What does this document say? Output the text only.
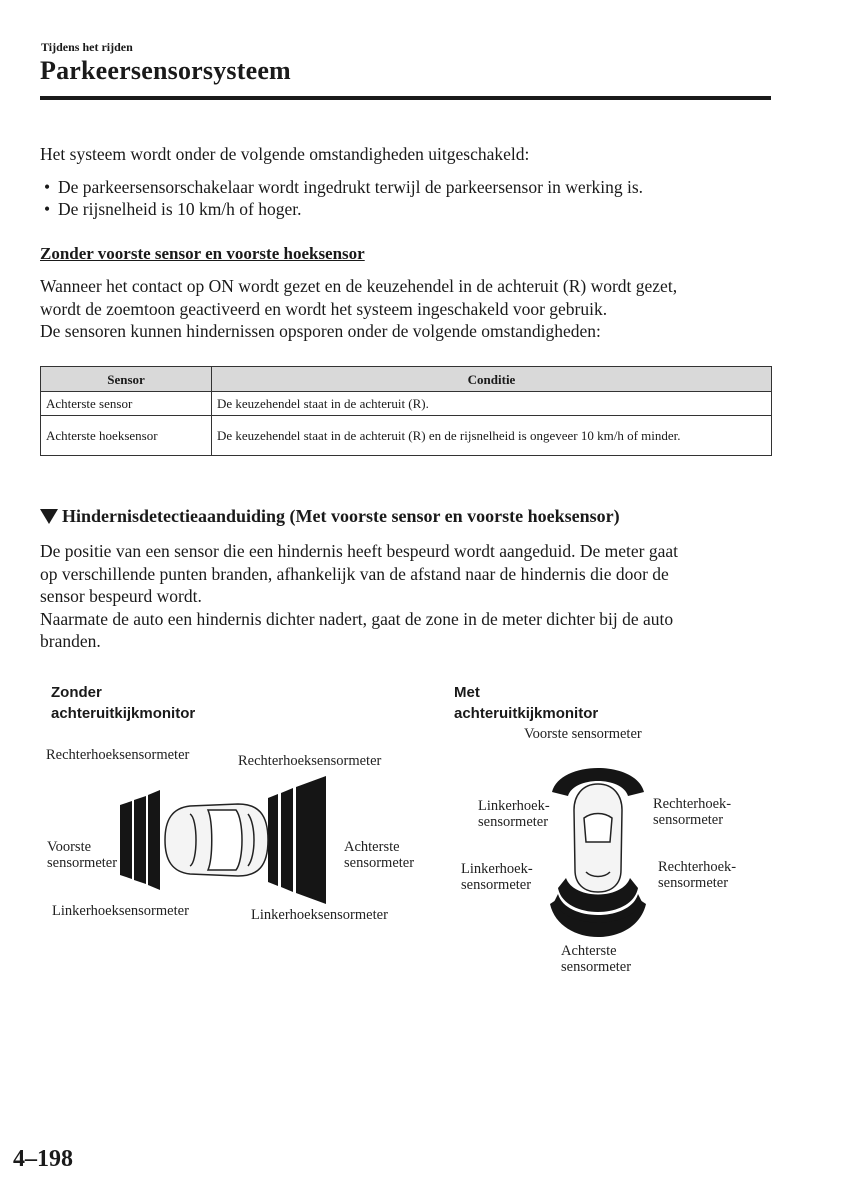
Tijdens het rijden
Parkeersensorsysteem
Het systeem wordt onder de volgende omstandigheden uitgeschakeld:
• De parkeersensorschakelaar wordt ingedrukt terwijl de parkeersensor in werking is.
• De rijsnelheid is 10 km/h of hoger.
Zonder voorste sensor en voorste hoeksensor
Wanneer het contact op ON wordt gezet en de keuzehendel in de achteruit (R) wordt gezet,
wordt de zoemtoon geactiveerd en wordt het systeem ingeschakeld voor gebruik.
De sensoren kunnen hindernissen opsporen onder de volgende omstandigheden:
Sensor	Conditie
Achterste sensor	De keuzehendel staat in de achteruit (R).
Achterste hoeksensor	De keuzehendel staat in de achteruit (R) en de rijsnelheid is ongeveer 10 km/h of minder.
Hindernisdetectieaanduiding (Met voorste sensor en voorste hoeksensor)
De positie van een sensor die een hindernis heeft bespeurd wordt aangeduid. De meter gaat
op verschillende punten branden, afhankelijk van de afstand naar de hindernis die door de
sensor bespeurd wordt.
Naarmate de auto een hindernis dichter nadert, gaat de zone in de meter dichter bij de auto
branden.
Zonder
achteruitkijkmonitor
Rechterhoeksensormeter	Rechterhoeksensormeter
Voorste
sensormeter
Achterste
sensormeter
Linkerhoeksensormeter	Linkerhoeksensormeter
Met
achteruitkijkmonitor
Voorste sensormeter
Linkerhoek-
sensormeter
Rechterhoek-
sensormeter
Linkerhoek-
sensormeter
Rechterhoek-
sensormeter
Achterste
sensormeter
4–198
